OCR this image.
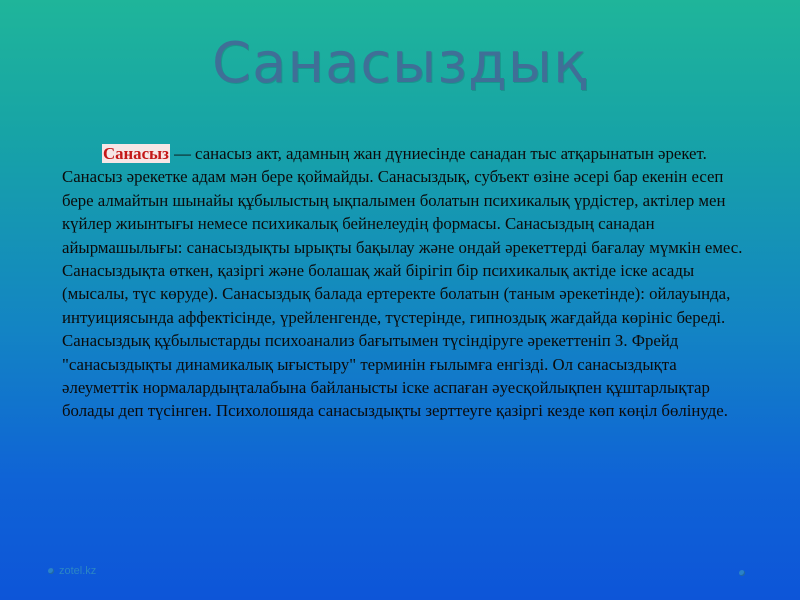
Санасыздық

Санасыз — санасыз акт, адамның жан дүниесінде санадан тыс атқарынатын әрекет. Санасыз әрекетке адам мән бере қоймайды. Санасыздық, субъект өзіне әсері бар екенін есеп бере алмайтын шынайы құбылыстың ықпалымен болатын психикалық үрдістер, актілер мен күйлер жиынтығы немесе психикалық бейнелеудің формасы. Санасыздың санадан айырмашылығы: санасыздықты ырықты бақылау және ондай әрекеттерді бағалау мүмкін емес. Санасыздықта өткен, қазіргі және болашақ жай бірігіп бір психикалық актіде іске асады (мысалы, түс көруде). Санасыздық балада ертеректе болатын (таным әрекетінде): ойлауында, интуициясында аффектісінде, үрейленгенде, түстерінде, гипноздық жағдайда көрініс береді. Санасыздық құбылыстарды психоанализ бағытымен түсіндіруге әрекеттеніп З. Фрейд "санасыздықты динамикалық ығыстыру" терминін ғылымға енгізді. Ол санасыздықта әлеуметтік нормалардыңталабына байланысты іске аспаған әуесқойлықпен құштарлықтар болады деп түсінген. Психолошяда санасыздықты зерттеуге қазіргі кезде көп көңіл бөлінуде.

zotel.kz
